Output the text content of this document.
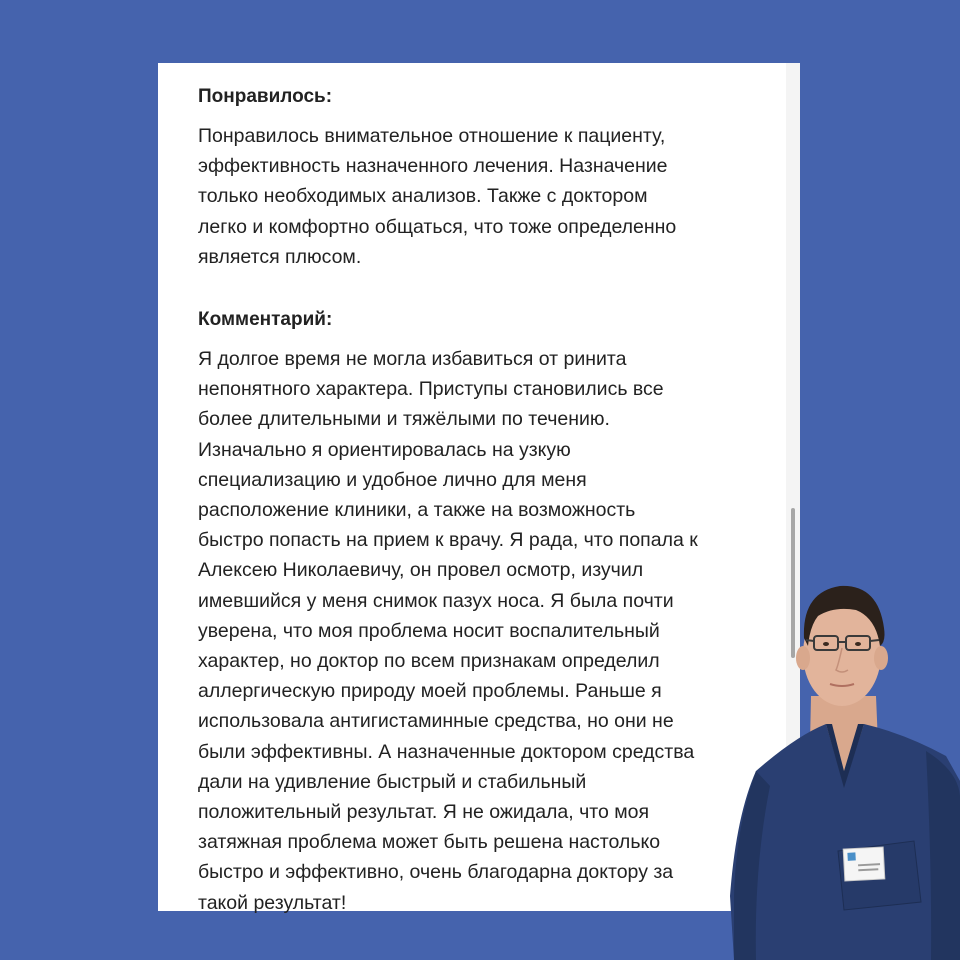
Понравилось:
Понравилось внимательное отношение к пациенту,
эффективность назначенного лечения. Назначение
только необходимых анализов. Также с доктором
легко и комфортно общаться, что тоже определенно
является плюсом.
Комментарий:
Я долгое время не могла избавиться от ринита
непонятного характера. Приступы становились все
более длительными и тяжёлыми по течению.
Изначально я ориентировалась на узкую
специализацию и удобное лично для меня
расположение клиники, а также на возможность
быстро попасть на прием к врачу. Я рада, что попала к
Алексею Николаевичу, он провел осмотр, изучил
имевшийся у меня снимок пазух носа. Я была почти
уверена, что моя проблема носит воспалительный
характер, но доктор по всем признакам определил
аллергическую природу моей проблемы. Раньше я
использовала антигистаминные средства, но они не
были эффективны. А назначенные доктором средства
дали на удивление быстрый и стабильный
положительный результат. Я не ожидала, что моя
затяжная проблема может быть решена настолько
быстро и эффективно, очень благодарна доктору за
такой результат!
